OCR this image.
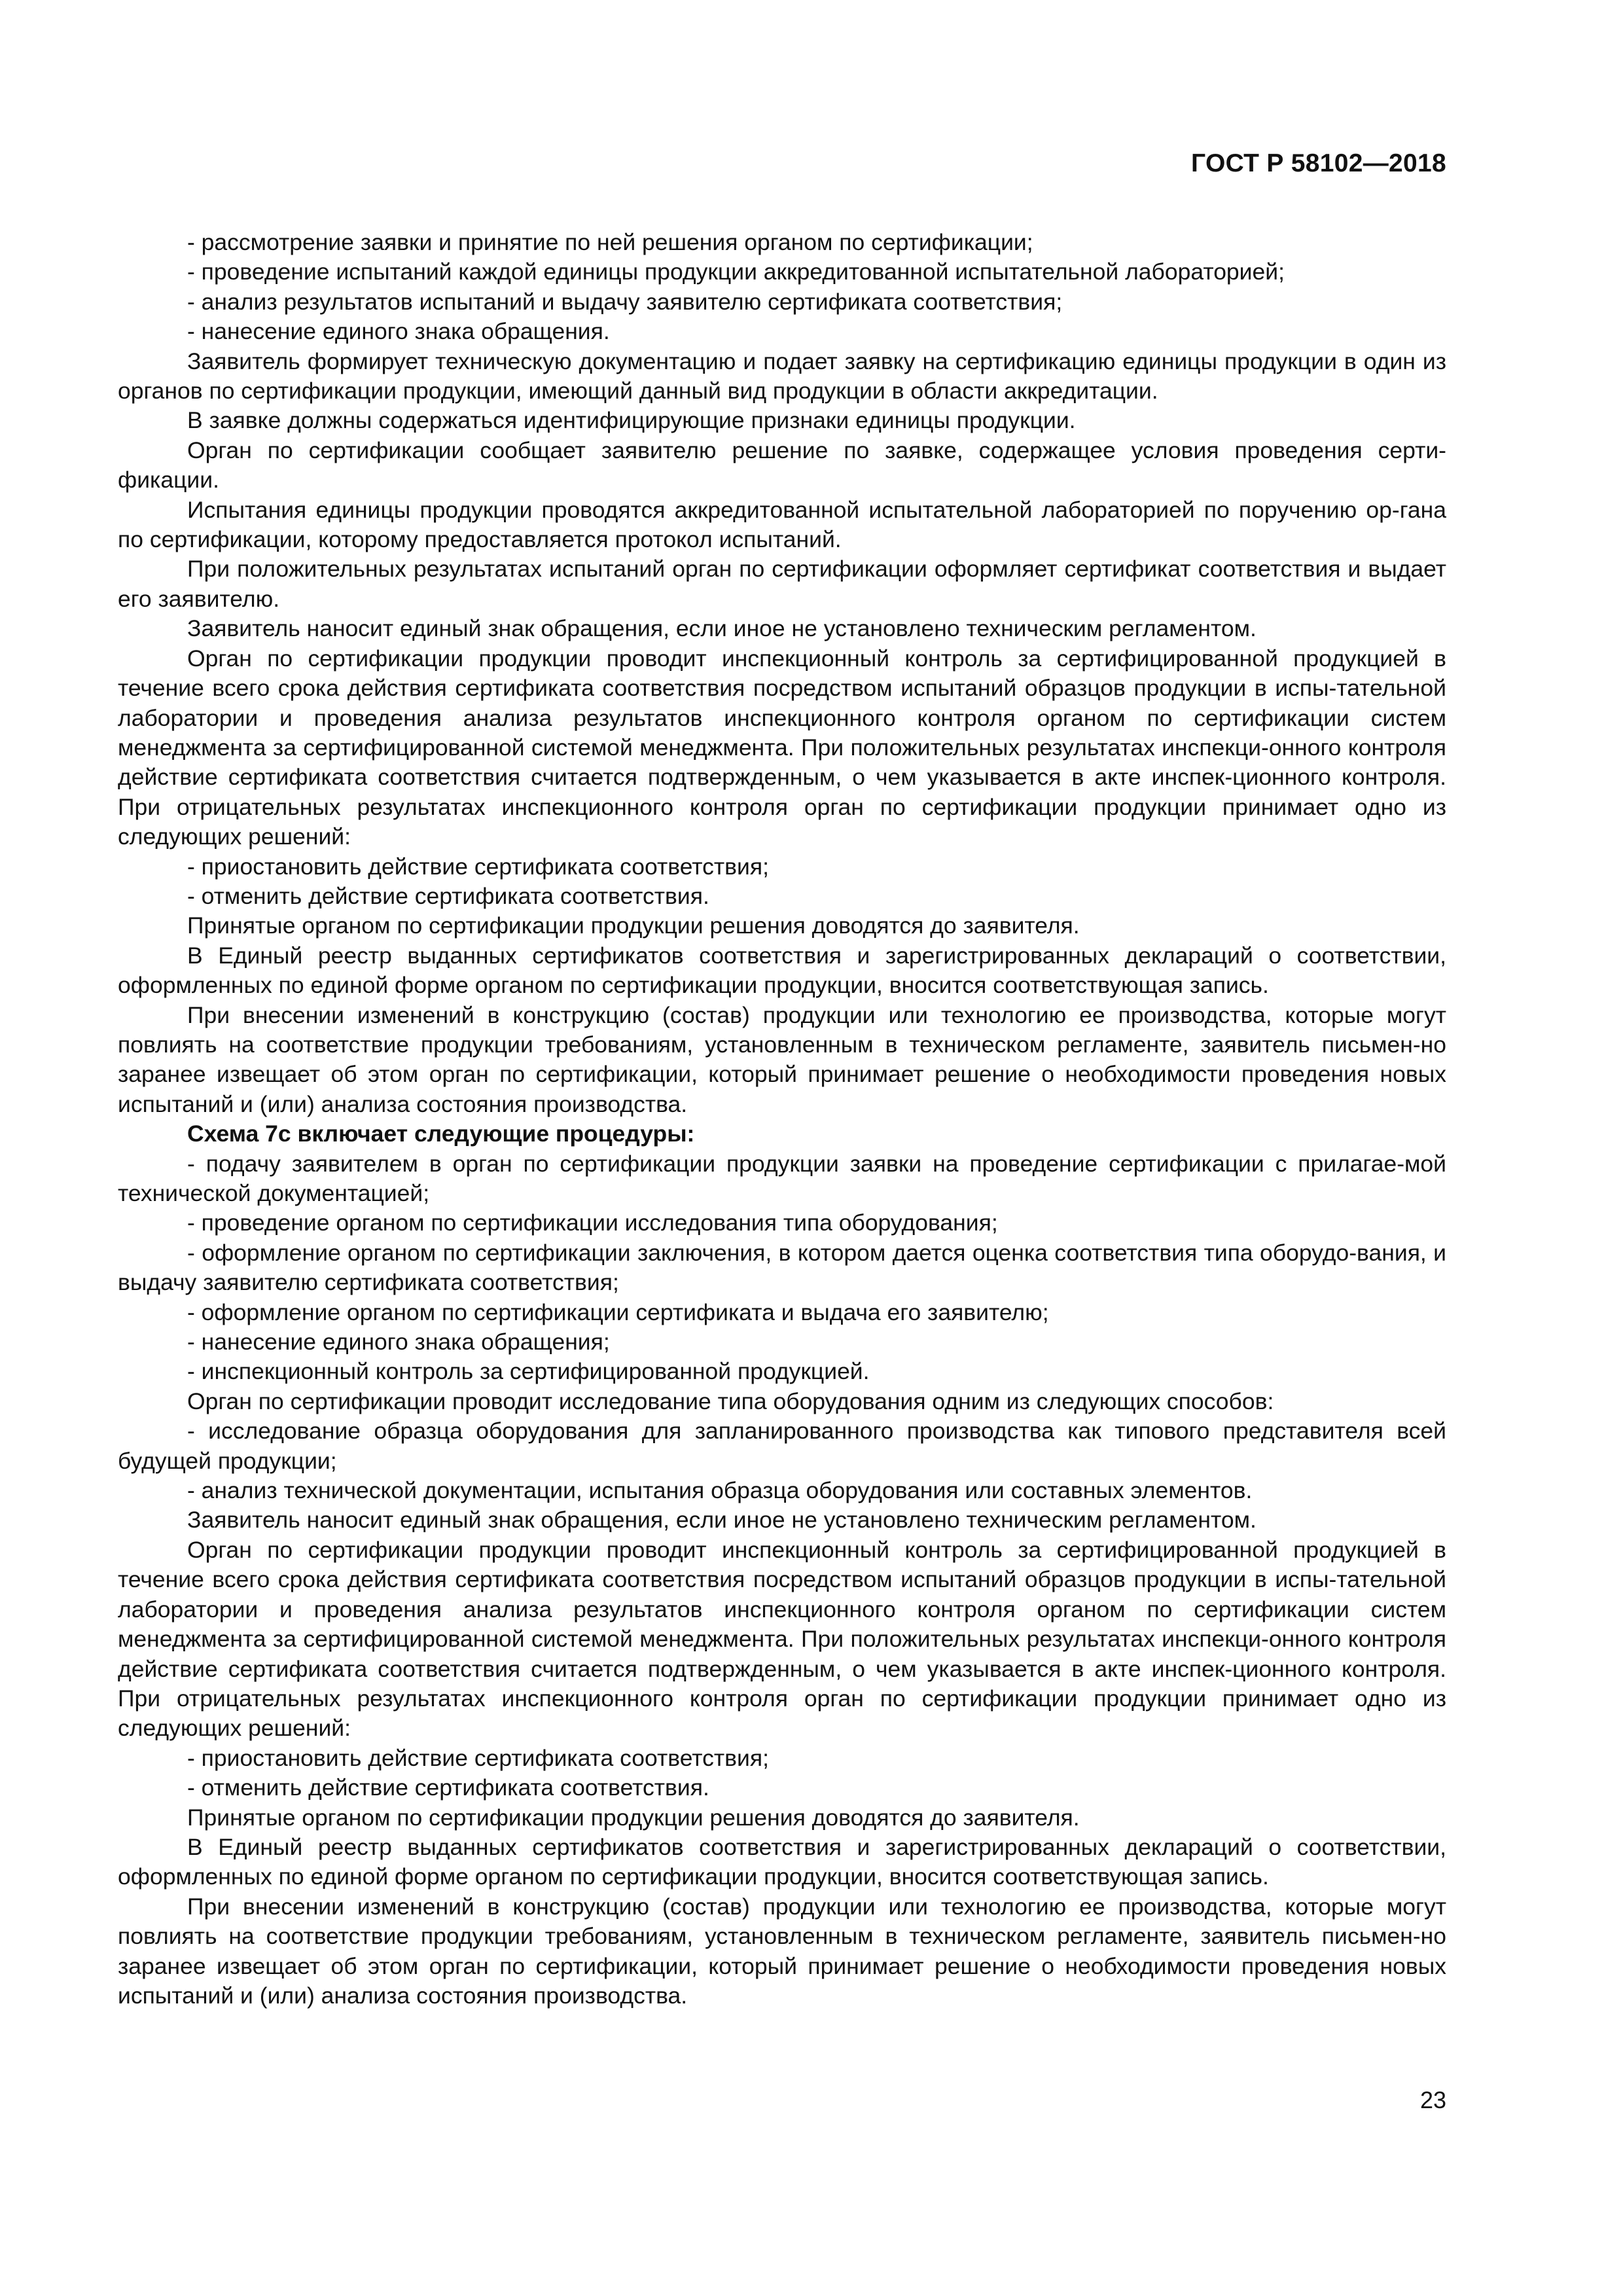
ГОСТ Р 58102—2018

- рассмотрение заявки и принятие по ней решения органом по сертификации;

- проведение испытаний каждой единицы продукции аккредитованной испытательной лабораторией;

- анализ результатов испытаний и выдачу заявителю сертификата соответствия;

- нанесение единого знака обращения.

Заявитель формирует техническую документацию и подает заявку на сертификацию единицы продукции в один из органов по сертификации продукции, имеющий данный вид продукции в области аккредитации.

В заявке должны содержаться идентифицирующие признаки единицы продукции.

Орган по сертификации сообщает заявителю решение по заявке, содержащее условия проведения серти-фикации.

Испытания единицы продукции проводятся аккредитованной испытательной лабораторией по поручению ор-гана по сертификации, которому предоставляется протокол испытаний.

При положительных результатах испытаний орган по сертификации оформляет сертификат соответствия и выдает его заявителю.

Заявитель наносит единый знак обращения, если иное не установлено техническим регламентом.

Орган по сертификации продукции проводит инспекционный контроль за сертифицированной продукцией в течение всего срока действия сертификата соответствия посредством испытаний образцов продукции в испы-тательной лаборатории и проведения анализа результатов инспекционного контроля органом по сертификации систем менеджмента за сертифицированной системой менеджмента. При положительных результатах инспекци-онного контроля действие сертификата соответствия считается подтвержденным, о чем указывается в акте инспек-ционного контроля. При отрицательных результатах инспекционного контроля орган по сертификации продукции принимает одно из следующих решений:

- приостановить действие сертификата соответствия;

- отменить действие сертификата соответствия.

Принятые органом по сертификации продукции решения доводятся до заявителя.

В Единый реестр выданных сертификатов соответствия и зарегистрированных деклараций о соответствии, оформленных по единой форме органом по сертификации продукции, вносится соответствующая запись.

При внесении изменений в конструкцию (состав) продукции или технологию ее производства, которые могут повлиять на соответствие продукции требованиям, установленным в техническом регламенте, заявитель письмен-но заранее извещает об этом орган по сертификации, который принимает решение о необходимости проведения новых испытаний и (или) анализа состояния производства.

Схема 7с включает следующие процедуры:

- подачу заявителем в орган по сертификации продукции заявки на проведение сертификации с прилагае-мой технической документацией;

- проведение органом по сертификации исследования типа оборудования;

- оформление органом по сертификации заключения, в котором дается оценка соответствия типа оборудо-вания, и выдачу заявителю сертификата соответствия;

- оформление органом по сертификации сертификата и выдача его заявителю;

- нанесение единого знака обращения;

- инспекционный контроль за сертифицированной продукцией.

Орган по сертификации проводит исследование типа оборудования одним из следующих способов:

- исследование образца оборудования для запланированного производства как типового представителя всей будущей продукции;

- анализ технической документации, испытания образца оборудования или составных элементов.

Заявитель наносит единый знак обращения, если иное не установлено техническим регламентом.

Орган по сертификации продукции проводит инспекционный контроль за сертифицированной продукцией в течение всего срока действия сертификата соответствия посредством испытаний образцов продукции в испы-тательной лаборатории и проведения анализа результатов инспекционного контроля органом по сертификации систем менеджмента за сертифицированной системой менеджмента. При положительных результатах инспекци-онного контроля действие сертификата соответствия считается подтвержденным, о чем указывается в акте инспек-ционного контроля. При отрицательных результатах инспекционного контроля орган по сертификации продукции принимает одно из следующих решений:

- приостановить действие сертификата соответствия;

- отменить действие сертификата соответствия.

Принятые органом по сертификации продукции решения доводятся до заявителя.

В Единый реестр выданных сертификатов соответствия и зарегистрированных деклараций о соответствии, оформленных по единой форме органом по сертификации продукции, вносится соответствующая запись.

При внесении изменений в конструкцию (состав) продукции или технологию ее производства, которые могут повлиять на соответствие продукции требованиям, установленным в техническом регламенте, заявитель письмен-но заранее извещает об этом орган по сертификации, который принимает решение о необходимости проведения новых испытаний и (или) анализа состояния производства.

23
